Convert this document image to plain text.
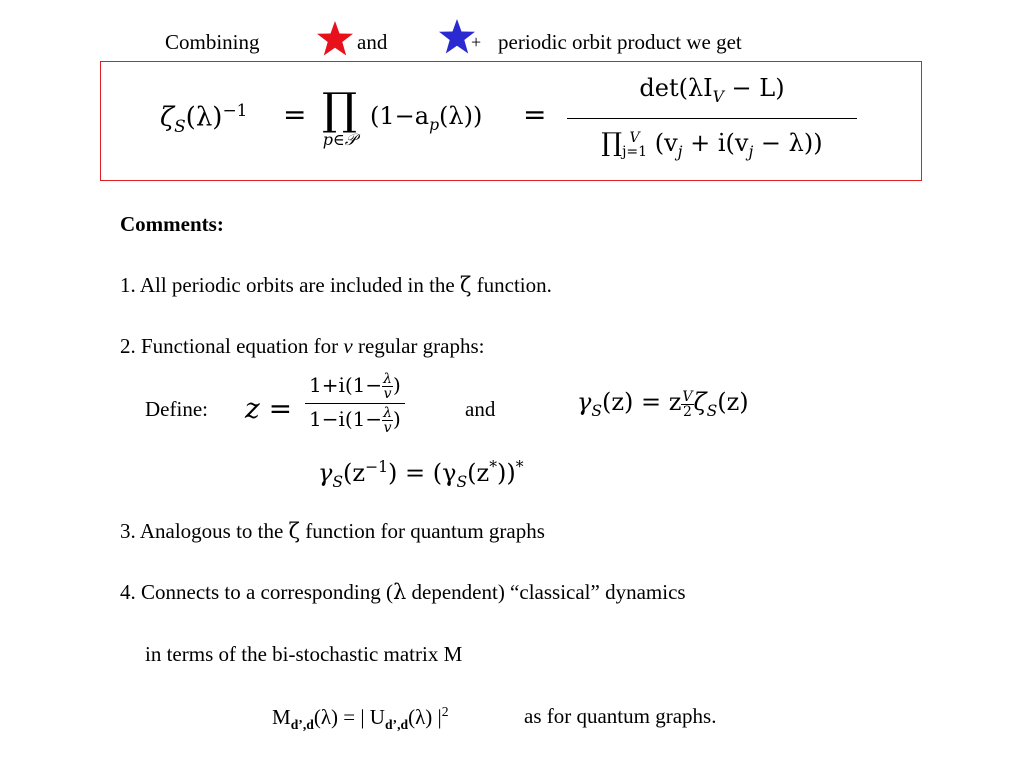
Combining	and	+ periodic orbit product we get
$\zeta_S(\lambda)^{-1}$ = ∏
p∈𝒫
$(1-a_p(\lambda))$ =
$\det(\lambda I_V - L)$
∏ V
j=1 $(v_j + i(v_j - \lambda))$
Comments:
1. All periodic orbits are included in the ζ function.
2. Functional equation for v regular graphs:
Define: $z = \frac{1+i(1- \frac{\lambda}{v} )}{1-i(1- \frac{\lambda}{v} )}$	and	$\gamma_S(z) = z \frac{V}{2} \zeta_S(z)$
$\gamma_S(z^{-1}) = (\gamma_S(z^*))^*$
3. Analogous to the ζ function for quantum graphs
4. Connects to a corresponding (λ dependent) “classical” dynamics
in terms of the bi-stochastic matrix M
$M_{d’,d}(\lambda)$ = | $U_{d’,d}(\lambda)$ $|^2$	as for quantum graphs.
